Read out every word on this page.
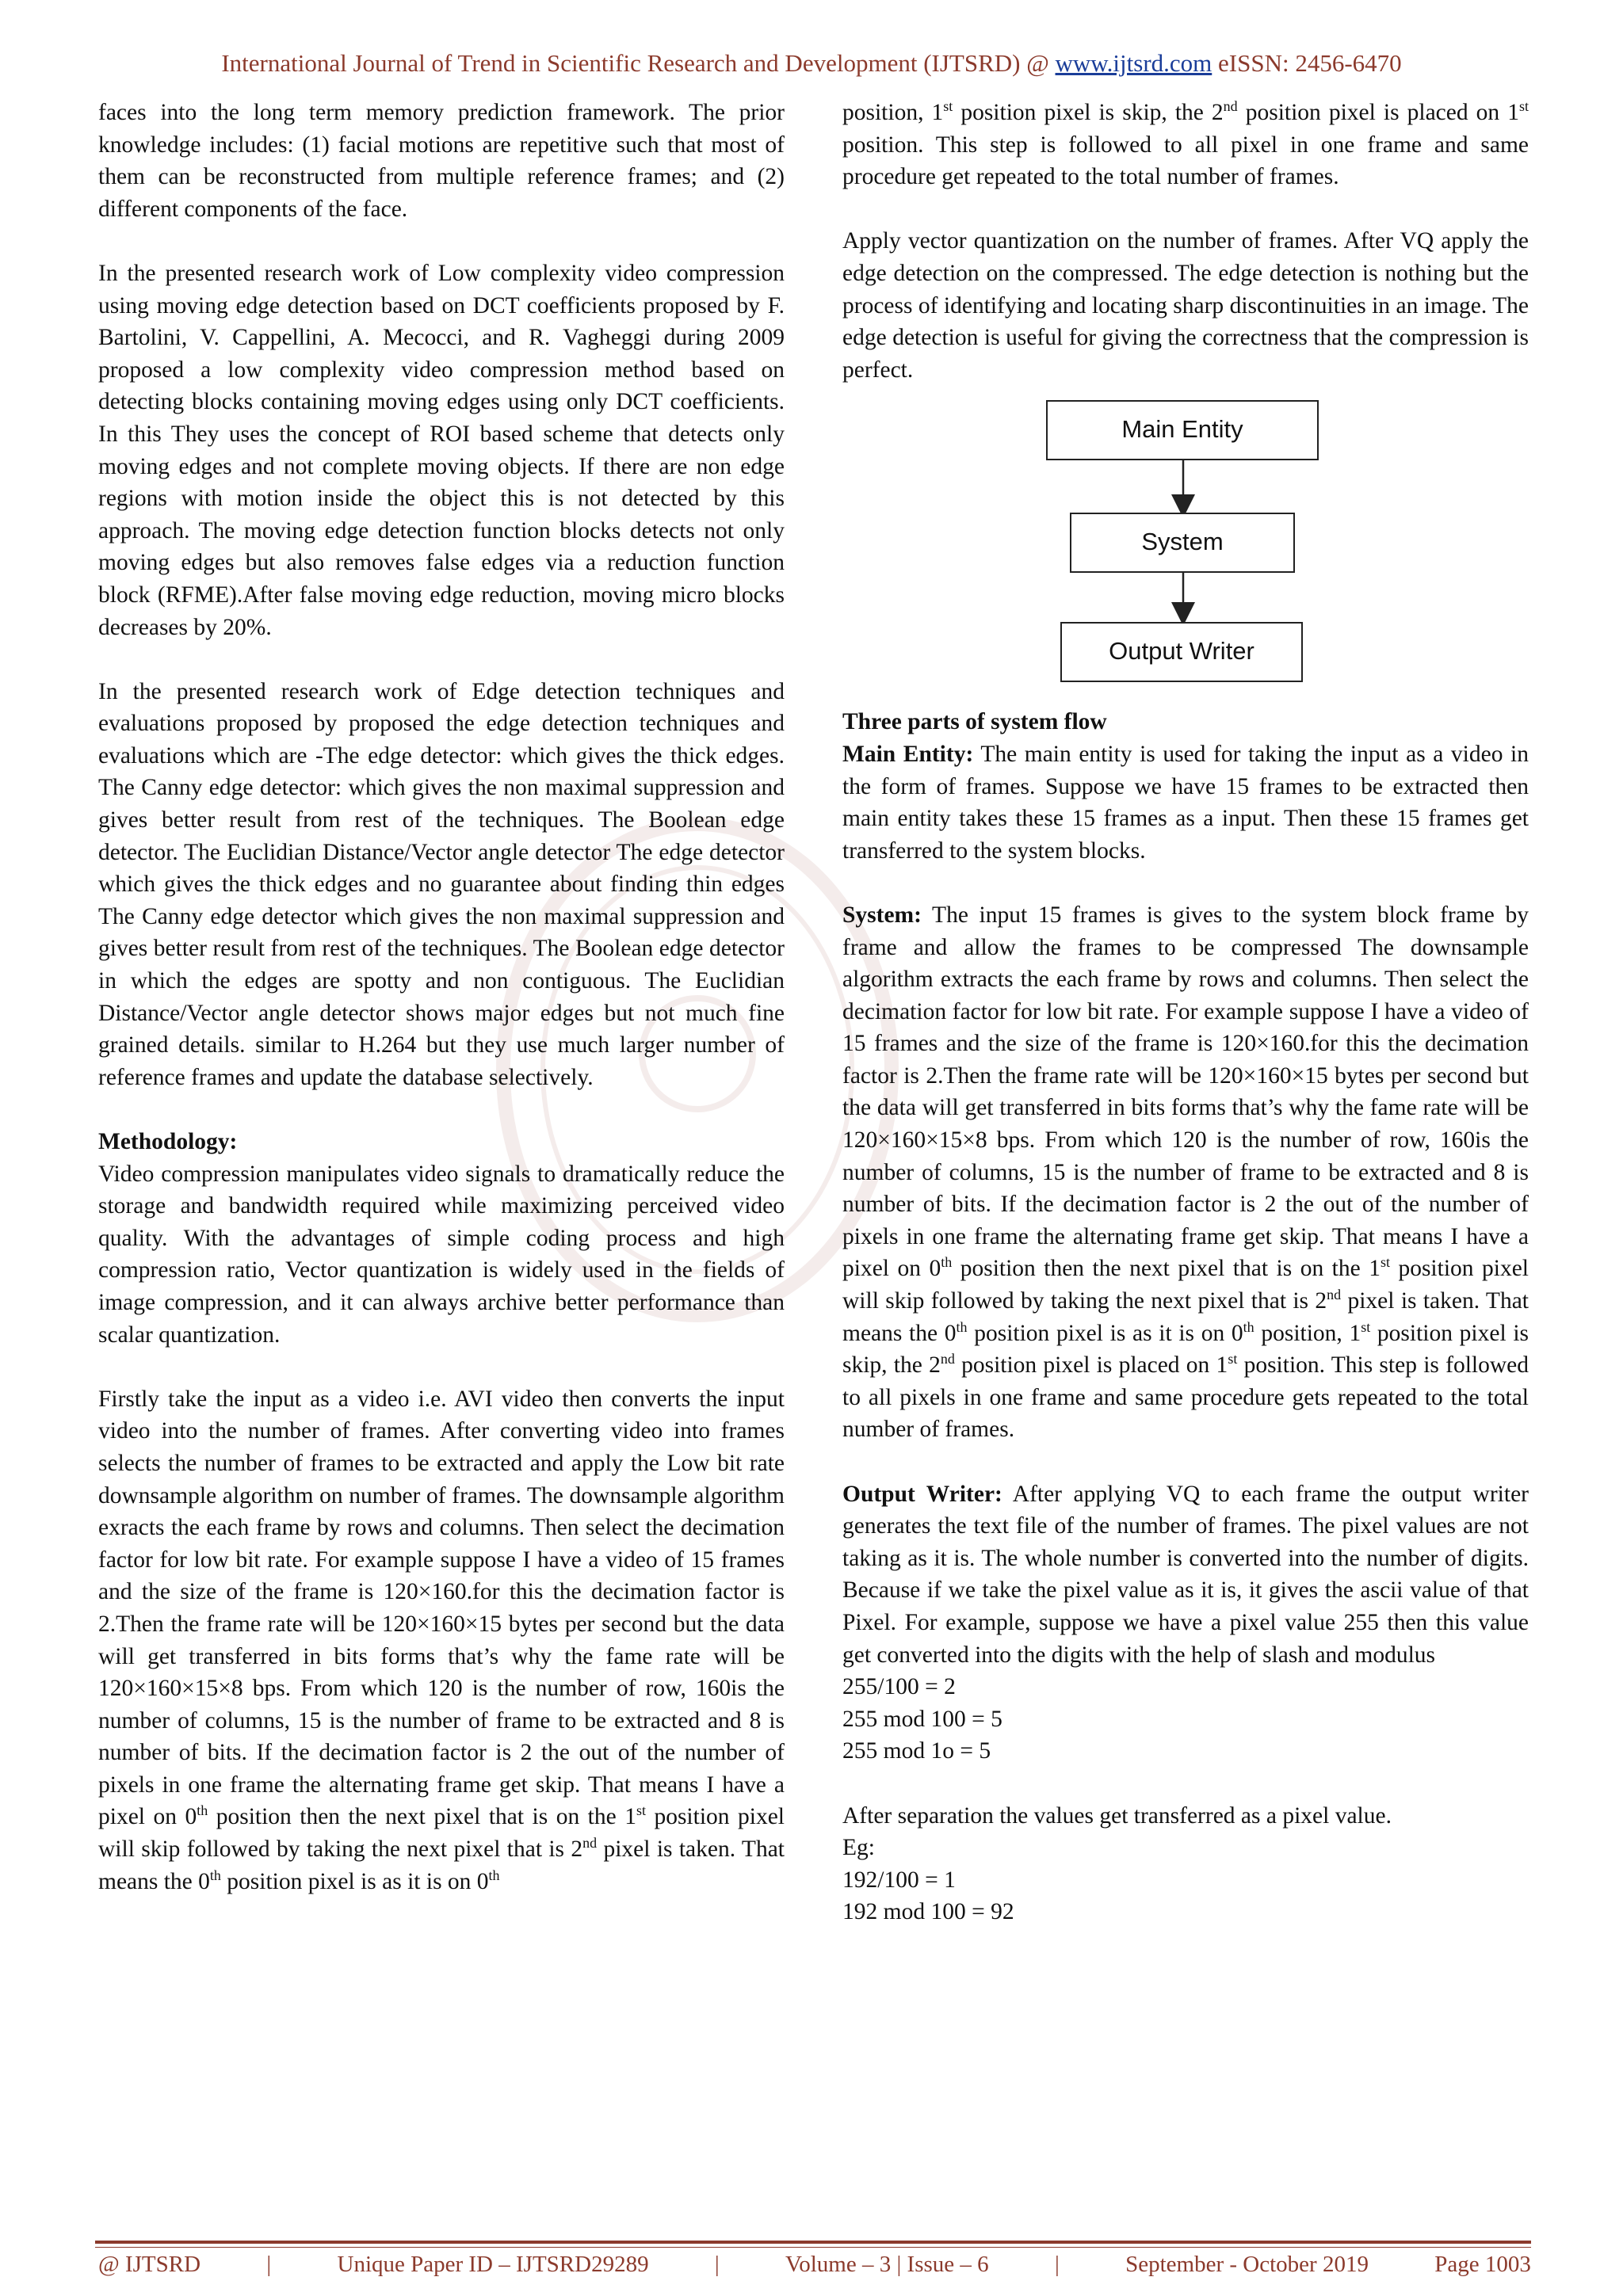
International Journal of Trend in Scientific Research and Development (IJTSRD) @ www.ijtsrd.com eISSN: 2456-6470

faces into the long term memory prediction framework. The prior knowledge includes: (1) facial motions are repetitive such that most of them can be reconstructed from multiple reference frames; and (2) different components of the face.

In the presented research work of Low complexity video compression using moving edge detection based on DCT coefficients proposed by F. Bartolini, V. Cappellini, A. Mecocci, and R. Vagheggi during 2009 proposed a low complexity video compression method based on detecting blocks containing moving edges using only DCT coefficients. In this They uses the concept of ROI based scheme that detects only moving edges and not complete moving objects. If there are non edge regions with motion inside the object this is not detected by this approach. The moving edge detection function blocks detects not only moving edges but also removes false edges via a reduction function block (RFME).After false moving edge reduction, moving micro blocks decreases by 20%.

In the presented research work of Edge detection techniques and evaluations proposed by proposed the edge detection techniques and evaluations which are -The edge detector: which gives the thick edges. The Canny edge detector: which gives the non maximal suppression and gives better result from rest of the techniques. The Boolean edge detector. The Euclidian Distance/Vector angle detector The edge detector which gives the thick edges and no guarantee about finding thin edges The Canny edge detector which gives the non maximal suppression and gives better result from rest of the techniques. The Boolean edge detector in which the edges are spotty and non contiguous. The Euclidian Distance/Vector angle detector shows major edges but not much fine grained details. similar to H.264 but they use much larger number of reference frames and update the database selectively.

Methodology:

Video compression manipulates video signals to dramatically reduce the storage and bandwidth required while maximizing perceived video quality. With the advantages of simple coding process and high compression ratio, Vector quantization is widely used in the fields of image compression, and it can always archive better performance than scalar quantization.

Firstly take the input as a video i.e. AVI video then converts the input video into the number of frames. After converting video into frames selects the number of frames to be extracted and apply the Low bit rate downsample algorithm on number of frames. The downsample algorithm exracts the each frame by rows and columns. Then select the decimation factor for low bit rate. For example suppose I have a video of 15 frames and the size of the frame is 120×160.for this the decimation factor is 2.Then the frame rate will be 120×160×15 bytes per second but the data will get transferred in bits forms that’s why the fame rate will be 120×160×15×8 bps. From which 120 is the number of row, 160is the number of columns, 15 is the number of frame to be extracted and 8 is number of bits. If the decimation factor is 2 the out of the number of pixels in one frame the alternating frame get skip. That means I have a pixel on 0th position then the next pixel that is on the 1st position pixel will skip followed by taking the next pixel that is 2nd pixel is taken. That means the 0th position pixel is as it is on 0th

position, 1st position pixel is skip, the 2nd position pixel is placed on 1st position. This step is followed to all pixel in one frame and same procedure get repeated to the total number of frames.

Apply vector quantization on the number of frames. After VQ apply the edge detection on the compressed. The edge detection is nothing but the process of identifying and locating sharp discontinuities in an image. The edge detection is useful for giving the correctness that the compression is perfect.

Main Entity
System
Output Writer
Three parts of system flow

Main Entity: The main entity is used for taking the input as a video in the form of frames. Suppose we have 15 frames to be extracted then main entity takes these 15 frames as a input. Then these 15 frames get transferred to the system blocks.

System: The input 15 frames is gives to the system block frame by frame and allow the frames to be compressed The downsample algorithm extracts the each frame by rows and columns. Then select the decimation factor for low bit rate. For example suppose I have a video of 15 frames and the size of the frame is 120×160.for this the decimation factor is 2.Then the frame rate will be 120×160×15 bytes per second but the data will get transferred in bits forms that’s why the fame rate will be 120×160×15×8 bps. From which 120 is the number of row, 160is the number of columns, 15 is the number of frame to be extracted and 8 is number of bits. If the decimation factor is 2 the out of the number of pixels in one frame the alternating frame get skip. That means I have a pixel on 0th position then the next pixel that is on the 1st position pixel will skip followed by taking the next pixel that is 2nd pixel is taken. That means the 0th position pixel is as it is on 0th position, 1st position pixel is skip, the 2nd position pixel is placed on 1st position. This step is followed to all pixels in one frame and same procedure gets repeated to the total number of frames.

Output Writer: After applying VQ to each frame the output writer generates the text file of the number of frames. The pixel values are not taking as it is. The whole number is converted into the number of digits. Because if we take the pixel value as it is, it gives the ascii value of that Pixel. For example, suppose we have a pixel value 255 then this value get converted into the digits with the help of slash and modulus

255/100 = 2

255 mod 100 = 5

255 mod 1o = 5

After separation the values get transferred as a pixel value.

Eg:

192/100 = 1

192 mod 100 = 92

@ IJTSRD	|	Unique Paper ID – IJTSRD29289	|	Volume – 3 | Issue – 6	|	September - October 2019	Page 1003
